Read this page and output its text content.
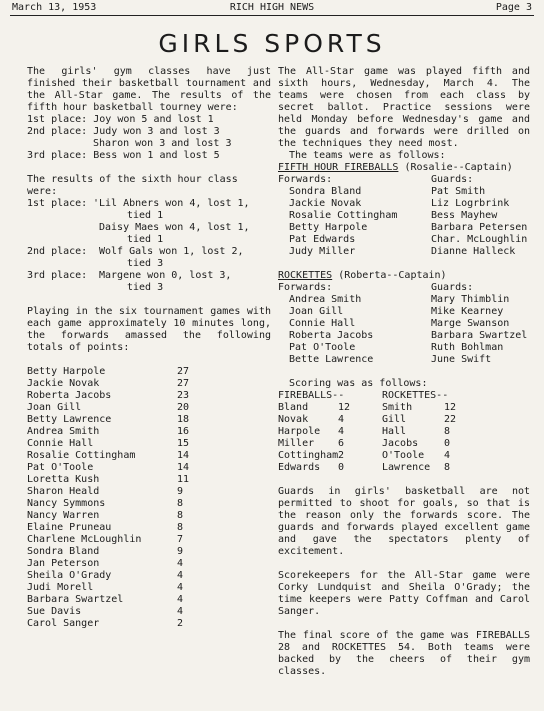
March 13, 1953	RICH HIGH NEWS	Page 3
GIRLS SPORTS

The girls' gym classes have just finished their basketball tournament and the All-Star game. The results of the fifth hour basketball tourney were:

1st place:
Joy won 5 and lost 1
2nd place:
Judy won 3 and lost 3
Sharon won 3 and lost 3
3rd place:
Bess won 1 and lost 5

The results of the sixth hour class were:

1st place: 'Lil Abners won 4, lost 1,
tied 1
Daisy Maes won 4, lost 1,
tied 1
2nd place:	Wolf Gals won 1, lost 2,
tied 3
3rd place:	Margene won 0, lost 3,
tied 3

Playing in the six tournament games with each game approximately 10 minutes long, the forwards amassed the following totals of points:

Betty Harpole	27
Jackie Novak	27
Roberta Jacobs	23
Joan Gill	20
Betty Lawrence	18
Andrea Smith	16
Connie Hall	15
Rosalie Cottingham	14
Pat O'Toole	14
Loretta Kush	11
Sharon Heald	9
Nancy Symmons	8
Nancy Warren	8
Elaine Pruneau	8
Charlene McLoughlin	7
Sondra Bland	9
Jan Peterson	4
Sheila O'Grady	4
Judi Morell	4
Barbara Swartzel	4
Sue Davis	4
Carol Sanger	2

The All-Star game was played fifth and sixth hours, Wednesday, March 4. The teams were chosen from each class by secret ballot. Practice sessions were held Monday before Wednesday's game and the guards and forwards were drilled on the techniques they need most.

The teams were as follows:

FIFTH HOUR FIREBALLS (Rosalie--Captain)
Forwards:	Guards:
Sondra Bland	Pat Smith
Jackie Novak	Liz Logrbrink
Rosalie Cottingham	Bess Mayhew
Betty Harpole	Barbara Petersen
Pat Edwards	Char. McLoughlin
Judy Miller	Dianne Halleck
ROCKETTES (Roberta--Captain)
Forwards:	Guards:
Andrea Smith	Mary Thimblin
Joan Gill	Mike Kearney
Connie Hall	Marge Swanson
Roberta Jacobs	Barbara Swartzel
Pat O'Toole	Ruth Bohlman
Bette Lawrence	June Swift

Scoring was as follows:

FIREBALLS--	ROCKETTES--
Bland	12	Smith	12
Novak	4	Gill	22
Harpole	4	Hall	8
Miller	6	Jacobs	0
Cottingham 2	O'Toole	4
Edwards	0	Lawrence	8

Guards in girls' basketball are not permitted to shoot for goals, so that is the reason only the forwards score. The guards and forwards played excellent game and gave the spectators plenty of excitement.

Scorekeepers for the All-Star game were Corky Lundquist and Sheila O'Grady; the time keepers were Patty Coffman and Carol Sanger.

The final score of the game was FIREBALLS 28 and ROCKETTES 54. Both teams were backed by the cheers of their gym classes.
